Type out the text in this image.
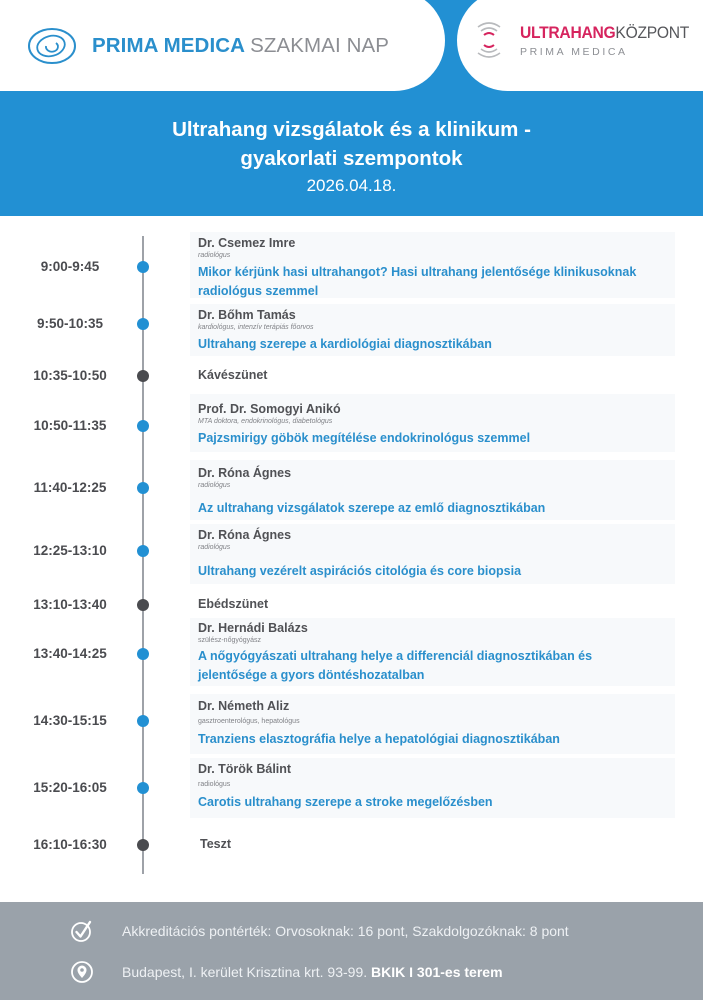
PRIMA MEDICA SZAKMAI NAP
ULTRAHANGKÖZPONT
PRIMA MEDICA
Ultrahang vizsgálatok és a klinikum -
gyakorlati szempontok
2026.04.18.
9:00-9:45
Dr. Csemez Imre
radiológus
Mikor kérjünk hasi ultrahangot? Hasi ultrahang jelentősége klinikusoknak radiológus szemmel
9:50-10:35
Dr. Bőhm Tamás
kardiológus, intenzív terápiás főorvos
Ultrahang szerepe a kardiológiai diagnosztikában
10:35-10:50	Kávészünet
10:50-11:35
Prof. Dr. Somogyi Anikó
MTA doktora, endokrinológus, diabetológus
Pajzsmirigy göbök megítélése endokrinológus szemmel
11:40-12:25
Dr. Róna Ágnes
radiológus
Az ultrahang vizsgálatok szerepe az emlő diagnosztikában
12:25-13:10
Dr. Róna Ágnes
radiológus
Ultrahang vezérelt aspirációs citológia és core biopsia
13:10-13:40	Ebédszünet
13:40-14:25
Dr. Hernádi Balázs
szülész-nőgyógyász
A nőgyógyászati ultrahang helye a differenciál diagnosztikában és jelentősége a gyors döntéshozatalban
14:30-15:15
Dr. Németh Aliz
gasztroenterológus, hepatológus
Tranziens elasztográfia helye a hepatológiai diagnosztikában
15:20-16:05
Dr. Török Bálint
radiológus
Carotis ultrahang szerepe a stroke megelőzésben
16:10-16:30	Teszt
Akkreditációs pontérték: Orvosoknak: 16 pont, Szakdolgozóknak: 8 pont
Budapest, I. kerület Krisztina krt. 93-99. BKIK I 301-es terem
